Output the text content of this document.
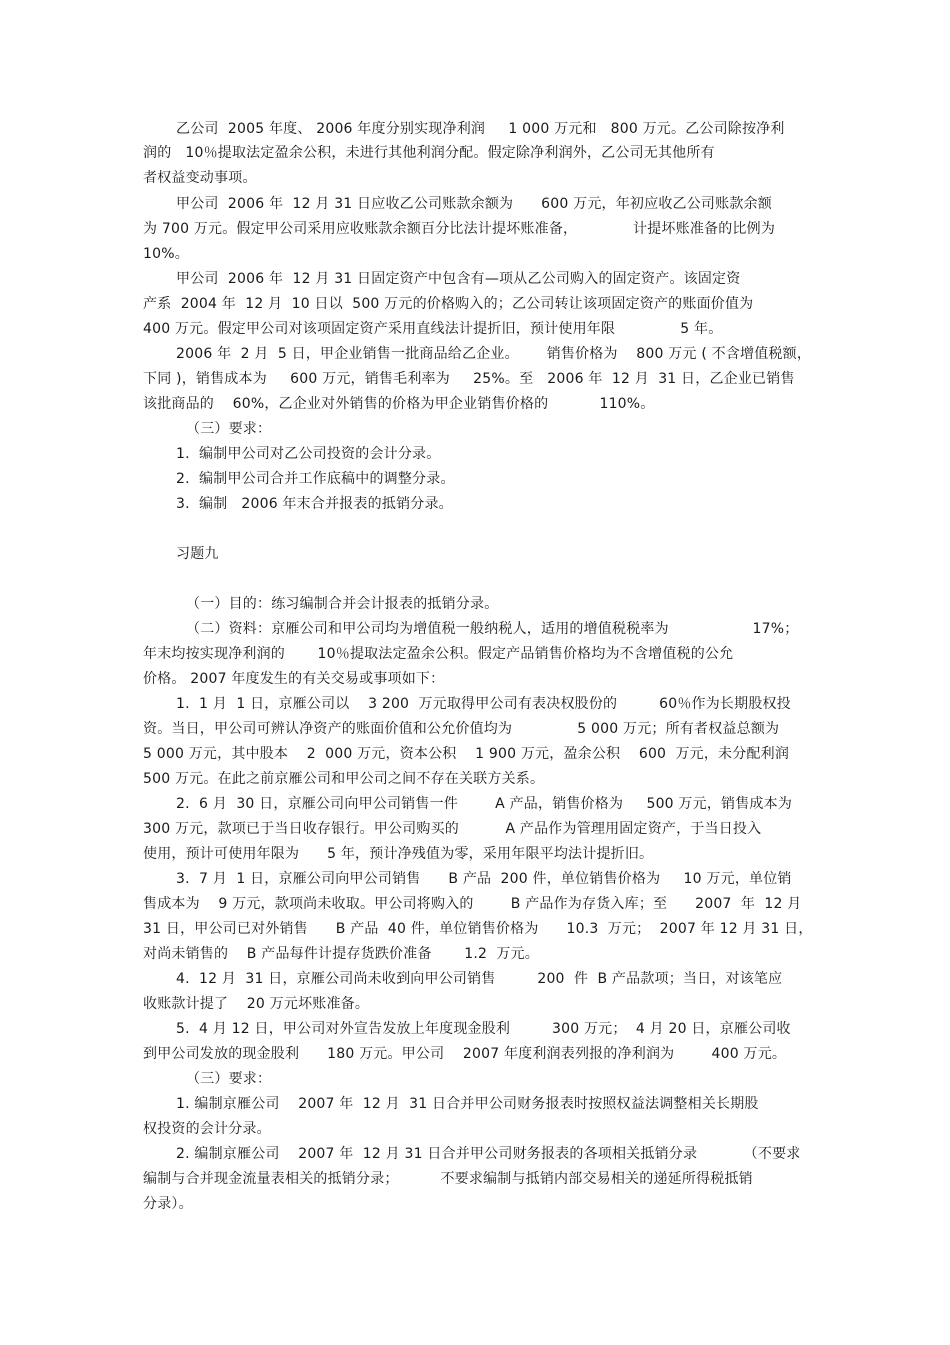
乙公司  2005 年度、 2006 年度分别实现净利润     1 000 万元和   800 万元。乙公司除按净利
润的   10％提取法定盈余公积，未进行其他利润分配。假定除净利润外，乙公司无其他所有
者权益变动事项。
甲公司  2006 年  12 月 31 日应收乙公司账款余额为      600 万元，年初应收乙公司账款余额
为 700 万元。假定甲公司采用应收账款余额百分比法计提坏账准备，            计提坏账准备的比例为
10%。
甲公司  2006 年  12 月 31 日固定资产中包含有—项从乙公司购入的固定资产。该固定资
产系  2004 年  12 月  10 日以  500 万元的价格购入的；乙公司转让该项固定资产的账面价值为
400 万元。假定甲公司对该项固定资产采用直线法计提折旧，预计使用年限              5 年。
2006 年  2 月  5 日，甲企业销售一批商品给乙企业。      销售价格为    800 万元 ( 不含增值税额，
下同 )，销售成本为     600 万元，销售毛利率为     25%。至   2006 年  12 月  31 日，乙企业已销售
该批商品的    60%，乙企业对外销售的价格为甲企业销售价格的           110%。
（三）要求：
1.  编制甲公司对乙公司投资的会计分录。
2.  编制甲公司合并工作底稿中的调整分录。
3.  编制   2006 年末合并报表的抵销分录。
习题九
（一）目的：练习编制合并会计报表的抵销分录。
（二）资料：京雁公司和甲公司均为增值税一般纳税人，适用的增值税税率为                  17%；
年末均按实现净利润的       10％提取法定盈余公积。假定产品销售价格均为不含增值税的公允
价格。 2007 年度发生的有关交易或事项如下：
1.  1 月  1 日，京雁公司以    3 200  万元取得甲公司有表决权股份的         60％作为长期股权投
资。当日，甲公司可辨认净资产的账面价值和公允价值均为              5 000 万元；所有者权益总额为
5 000 万元，其中股本    2  000 万元，资本公积    1 900 万元，盈余公积    600  万元，未分配利润
500 万元。在此之前京雁公司和甲公司之间不存在关联方关系。
2.  6 月  30 日，京雁公司向甲公司销售一件        A 产品，销售价格为     500 万元，销售成本为
300 万元，款项已于当日收存银行。甲公司购买的          A 产品作为管理用固定资产，于当日投入
使用，预计可使用年限为      5 年，预计净残值为零，采用年限平均法计提折旧。
3.  7 月  1 日，京雁公司向甲公司销售      B 产品  200 件，单位销售价格为     10 万元，单位销
售成本为    9 万元，款项尚未收取。甲公司将购入的        B 产品作为存货入库；至      2007  年  12 月
31 日，甲公司已对外销售      B 产品  40 件，单位销售价格为      10.3  万元；  2007 年 12 月 31 日，
对尚未销售的    B 产品每件计提存货跌价准备       1.2  万元。
4.  12 月  31 日，京雁公司尚未收到向甲公司销售         200  件  B 产品款项；当日，对该笔应
收账款计提了    20 万元坏账准备。
5.  4 月 12 日，甲公司对外宣告发放上年度现金股利         300 万元；  4 月 20 日，京雁公司收
到甲公司发放的现金股利      180 万元。甲公司    2007 年度利润表列报的净利润为        400 万元。
（三）要求：
1. 编制京雁公司    2007 年  12 月  31 日合并甲公司财务报表时按照权益法调整相关长期股
权投资的会计分录。
2. 编制京雁公司    2007 年  12 月 31 日合并甲公司财务报表的各项相关抵销分录          （不要求
编制与合并现金流量表相关的抵销分录；         不要求编制与抵销内部交易相关的递延所得税抵销
分录）。
